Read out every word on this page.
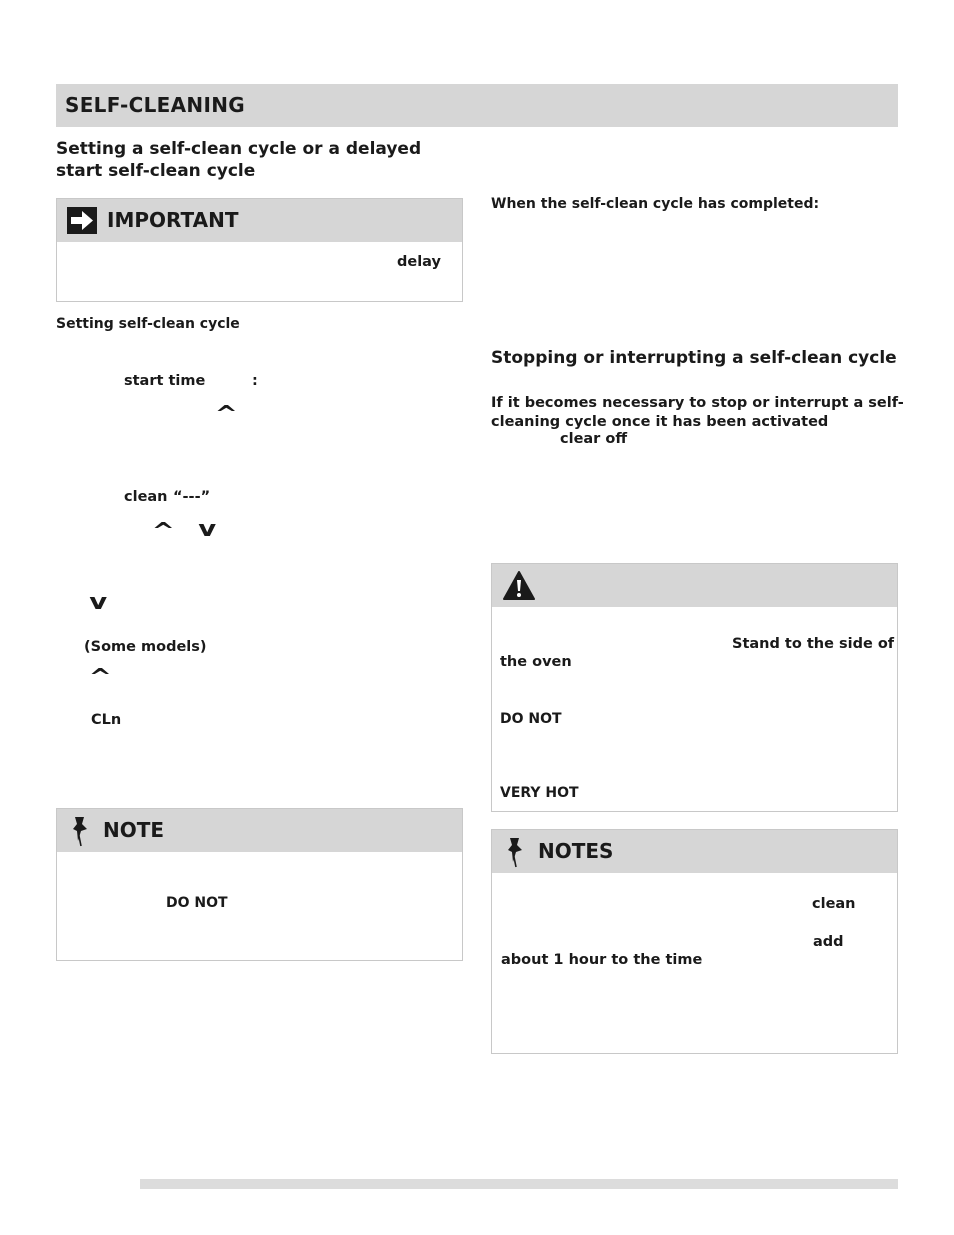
SELF-CLEANING
Setting a self-clean cycle or a delayed
start self-clean cycle
IMPORTANT
delay
Setting self-clean cycle
start time	:
^
clean “---”
^ v
v
(Some models)
^
CLn
NOTE
DO NOT
When the self-clean cycle has completed:
Stopping or interrupting a self-clean cycle
If it becomes necessary to stop or interrupt a self-
cleaning cycle once it has been activated
clear off
Stand to the side of
the oven
DO NOT
VERY HOT
NOTES
clean
add
about 1 hour to the time
